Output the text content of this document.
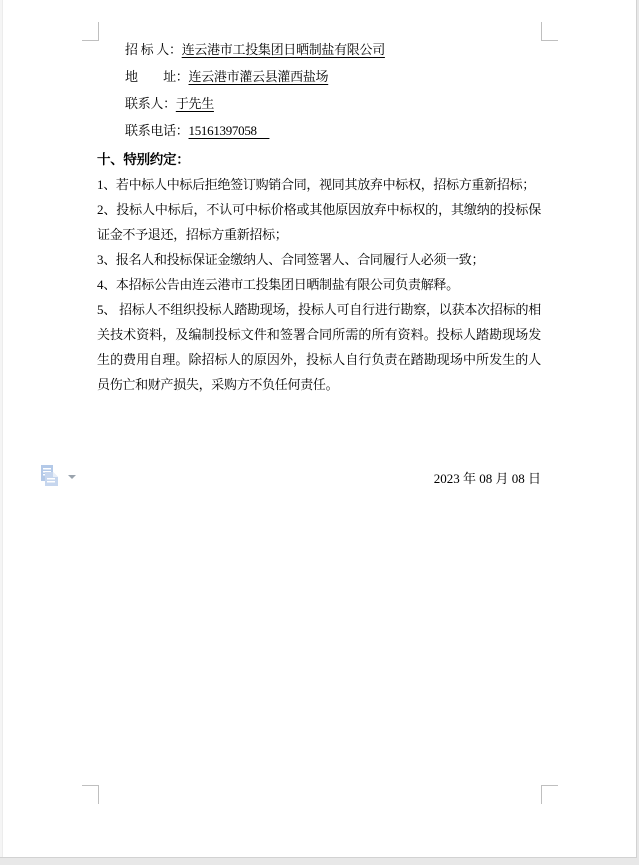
招 标 人：连云港市工投集团日晒制盐有限公司
地　　址：连云港市灌云县灌西盐场
联系人：于先生
联系电话：15161397058　
十、特别约定：

1、若中标人中标后拒绝签订购销合同，视同其放弃中标权，招标方重新招标；

2、投标人中标后，不认可中标价格或其他原因放弃中标权的，其缴纳的投标保证金不予退还，招标方重新招标；

3、报名人和投标保证金缴纳人、合同签署人、合同履行人必须一致；

4、本招标公告由连云港市工投集团日晒制盐有限公司负责解释。

5、 招标人不组织投标人踏勘现场，投标人可自行进行勘察，以获本次招标的相关技术资料，及编制投标文件和签署合同所需的所有资料。投标人踏勘现场发生的费用自理。除招标人的原因外，投标人自行负责在踏勘现场中所发生的人员伤亡和财产损失，采购方不负任何责任。

2023 年 08 月 08 日
